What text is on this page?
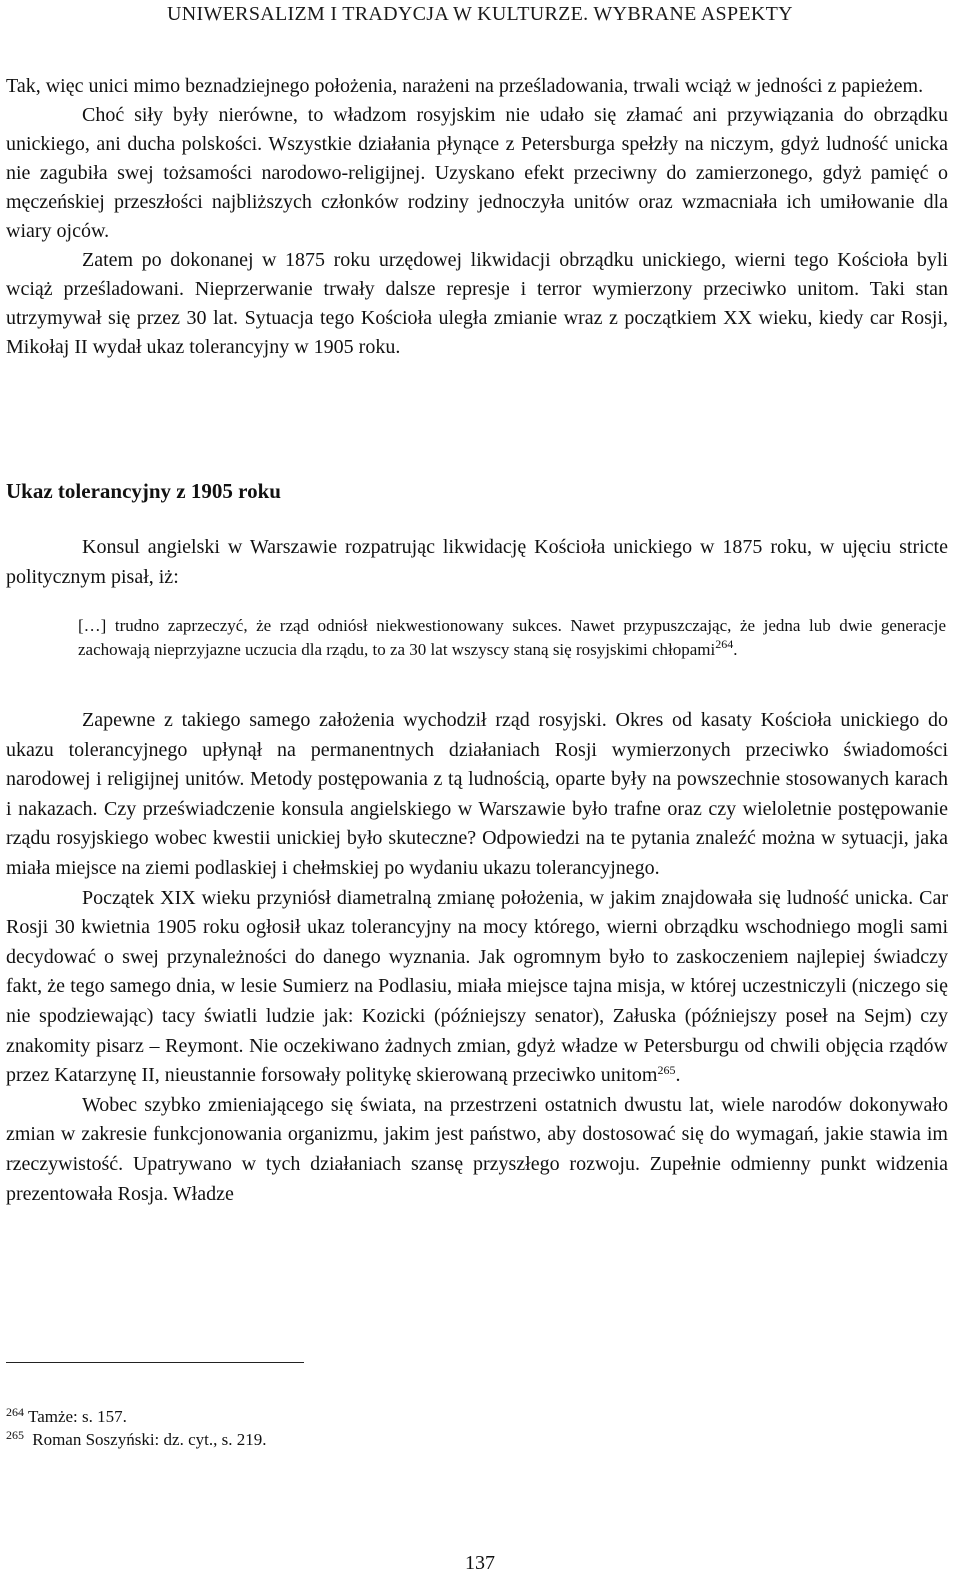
UNIWERSALIZM I TRADYCJA W KULTURZE. WYBRANE ASPEKTY

Tak, więc unici mimo beznadziejnego położenia, narażeni na prześladowania, trwali wciąż w jedności z papieżem.

Choć siły były nierówne, to władzom rosyjskim nie udało się złamać ani przywiązania do obrządku unickiego, ani ducha polskości. Wszystkie działania płynące z Petersburga spełzły na niczym, gdyż ludność unicka nie zagubiła swej tożsamości narodowo-religijnej. Uzyskano efekt przeciwny do zamierzonego, gdyż pamięć o męczeńskiej przeszłości najbliższych członków rodziny jednoczyła unitów oraz wzmacniała ich umiłowanie dla wiary ojców.

Zatem po dokonanej w 1875 roku urzędowej likwidacji obrządku unickiego, wierni tego Kościoła byli wciąż prześladowani. Nieprzerwanie trwały dalsze represje i terror wymierzony przeciwko unitom. Taki stan utrzymywał się przez 30 lat. Sytuacja tego Kościoła uległa zmianie wraz z początkiem XX wieku, kiedy car Rosji, Mikołaj II wydał ukaz tolerancyjny w 1905 roku.

Ukaz tolerancyjny z 1905 roku

Konsul angielski w Warszawie rozpatrując likwidację Kościoła unickiego w 1875 roku, w ujęciu stricte politycznym pisał, iż:

[…] trudno zaprzeczyć, że rząd odniósł niekwestionowany sukces. Nawet przypuszczając, że jedna lub dwie generacje zachowają nieprzyjazne uczucia dla rządu, to za 30 lat wszyscy staną się rosyjskimi chłopami$^{264}$.

Zapewne z takiego samego założenia wychodził rząd rosyjski. Okres od kasaty Kościoła unickiego do ukazu tolerancyjnego upłynął na permanentnych działaniach Rosji wymierzonych przeciwko świadomości narodowej i religijnej unitów. Metody postępowania z tą ludnością, oparte były na powszechnie stosowanych karach i nakazach. Czy przeświadczenie konsula angielskiego w Warszawie było trafne oraz czy wieloletnie postępowanie rządu rosyjskiego wobec kwestii unickiej było skuteczne? Odpowiedzi na te pytania znaleźć można w sytuacji, jaka miała miejsce na ziemi podlaskiej i chełmskiej po wydaniu ukazu tolerancyjnego.

Początek XIX wieku przyniósł diametralną zmianę położenia, w jakim znajdowała się ludność unicka. Car Rosji 30 kwietnia 1905 roku ogłosił ukaz tolerancyjny na mocy którego, wierni obrządku wschodniego mogli sami decydować o swej przynależności do danego wyznania. Jak ogromnym było to zaskoczeniem najlepiej świadczy fakt, że tego samego dnia, w lesie Sumierz na Podlasiu, miała miejsce tajna misja, w której uczestniczyli (niczego się nie spodziewając) tacy światli ludzie jak: Kozicki (późniejszy senator), Załuska (późniejszy poseł na Sejm) czy znakomity pisarz – Reymont. Nie oczekiwano żadnych zmian, gdyż władze w Petersburgu od chwili objęcia rządów przez Katarzynę II, nieustannie forsowały politykę skierowaną przeciwko unitom$^{265}$.

Wobec szybko zmieniającego się świata, na przestrzeni ostatnich dwustu lat, wiele narodów dokonywało zmian w zakresie funkcjonowania organizmu, jakim jest państwo, aby dostosować się do wymagań, jakie stawia im rzeczywistość. Upatrywano w tych działaniach szansę przyszłego rozwoju. Zupełnie odmienny punkt widzenia prezentowała Rosja. Władze

$^{264}$ Tamże: s. 157.

$^{265}$ Roman Soszyński: dz. cyt., s. 219.

137
